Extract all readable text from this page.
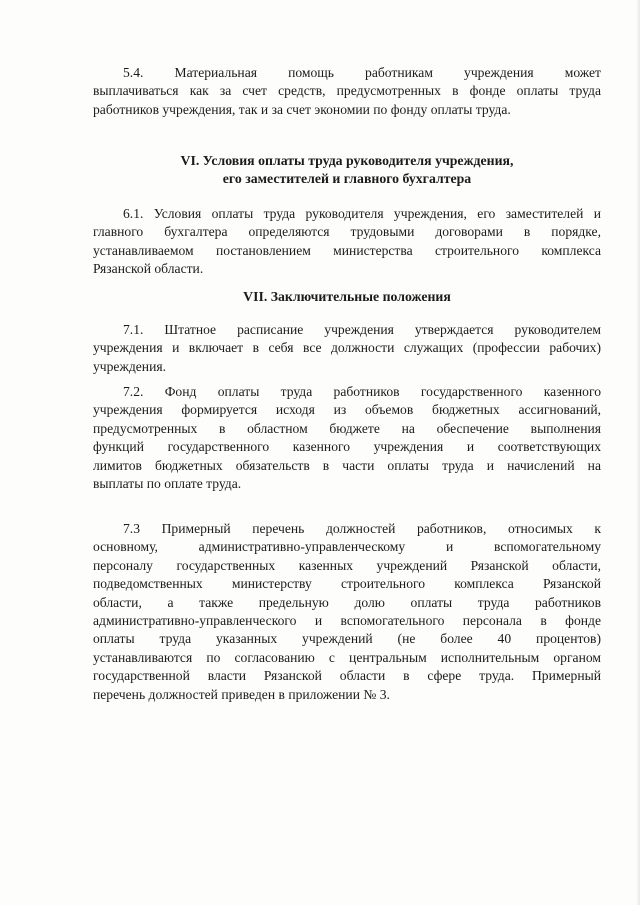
5.4. Материальная помощь работникам учреждения может
выплачиваться как за счет средств, предусмотренных в фонде оплаты труда
работников учреждения, так и за счет экономии по фонду оплаты труда.
VI. Условия оплаты труда руководителя учреждения,
его заместителей и главного бухгалтера
6.1. Условия оплаты труда руководителя учреждения, его заместителей и
главного бухгалтера определяются трудовыми договорами в порядке,
устанавливаемом постановлением министерства строительного комплекса
Рязанской области.
VII. Заключительные положения
7.1. Штатное расписание учреждения утверждается руководителем
учреждения и включает в себя все должности служащих (профессии рабочих)
учреждения.
7.2. Фонд оплаты труда работников государственного казенного
учреждения формируется исходя из объемов бюджетных ассигнований,
предусмотренных в областном бюджете на обеспечение выполнения
функций государственного казенного учреждения и соответствующих
лимитов бюджетных обязательств в части оплаты труда и начислений на
выплаты по оплате труда.
7.3 Примерный перечень должностей работников, относимых к
основному, административно-управленческому и вспомогательному
персоналу государственных казенных учреждений Рязанской области,
подведомственных министерству строительного комплекса Рязанской
области, а также предельную долю оплаты труда работников
административно-управленческого и вспомогательного персонала в фонде
оплаты труда указанных учреждений (не более 40 процентов)
устанавливаются по согласованию с центральным исполнительным органом
государственной власти Рязанской области в сфере труда. Примерный
перечень должностей приведен в приложении № 3.
